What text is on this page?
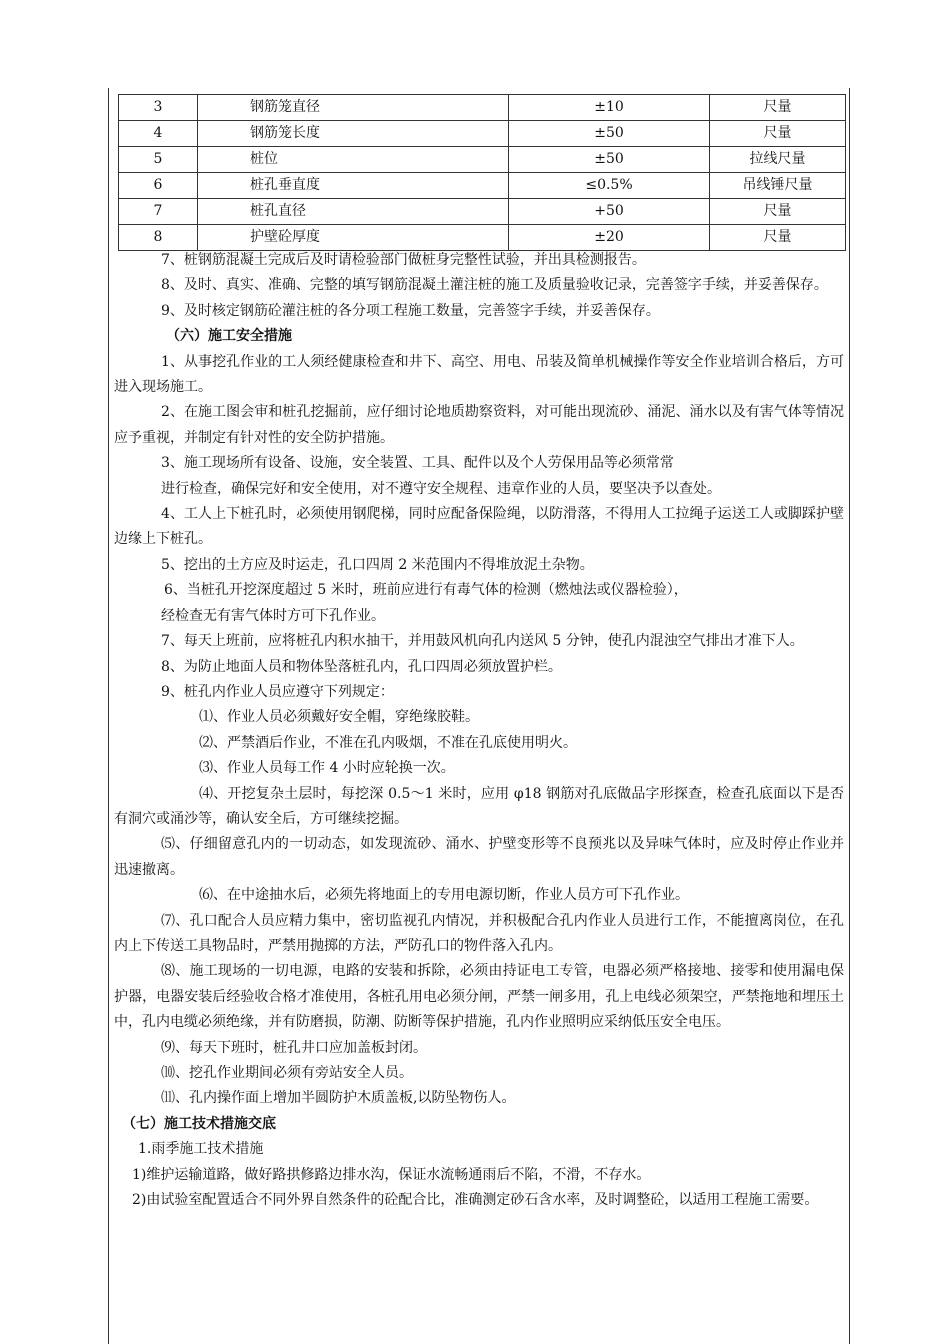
3	钢筋笼直径	±10	尺量
4	钢筋笼长度	±50	尺量
5	桩位	±50	拉线尺量
6	桩孔垂直度	≤0.5%	吊线锤尺量
7	桩孔直径	+50	尺量
8	护壁砼厚度	±20	尺量

7、桩钢筋混凝土完成后及时请检验部门做桩身完整性试验，并出具检测报告。

8、及时、真实、准确、完整的填写钢筋混凝土灌注桩的施工及质量验收记录，完善签字手续，并妥善保存。

9、及时核定钢筋砼灌注桩的各分项工程施工数量，完善签字手续，并妥善保存。

（六）施工安全措施

1、从事挖孔作业的工人须经健康检查和井下、高空、用电、吊装及简单机械操作等安全作业培训合格后，方可进入现场施工。

2、在施工图会审和桩孔挖掘前，应仔细讨论地质勘察资料，对可能出现流砂、涌泥、涌水以及有害气体等情况应予重视，并制定有针对性的安全防护措施。

3、施工现场所有设备、设施，安全装置、工具、配件以及个人劳保用品等必须常常

进行检查，确保完好和安全使用，对不遵守安全规程、违章作业的人员，要坚决予以查处。

4、工人上下桩孔时，必须使用钢爬梯，同时应配备保险绳，以防滑落，不得用人工拉绳子运送工人或脚踩护壁边缘上下桩孔。

5、挖出的土方应及时运走，孔口四周 2 米范围内不得堆放泥土杂物。

6、当桩孔开挖深度超过 5 米时，班前应进行有毒气体的检测（燃烛法或仪器检验），

经检查无有害气体时方可下孔作业。

7、每天上班前，应将桩孔内积水抽干，并用鼓风机向孔内送风 5 分钟，使孔内混浊空气排出才准下人。

8、为防止地面人员和物体坠落桩孔内，孔口四周必须放置护栏。

9、桩孔内作业人员应遵守下列规定：

⑴、作业人员必须戴好安全帽，穿绝缘胶鞋。

⑵、严禁酒后作业，不准在孔内吸烟，不准在孔底使用明火。

⑶、作业人员每工作 4 小时应轮换一次。

⑷、开挖复杂土层时，每挖深 0.5～1 米时，应用 φ18 钢筋对孔底做品字形探查，检查孔底面以下是否有洞穴或涌沙等，确认安全后，方可继续挖掘。

⑸、仔细留意孔内的一切动态，如发现流砂、涌水、护壁变形等不良预兆以及异味气体时，应及时停止作业并迅速撤离。

⑹、在中途抽水后，必须先将地面上的专用电源切断，作业人员方可下孔作业。

⑺、孔口配合人员应精力集中，密切监视孔内情况，并积极配合孔内作业人员进行工作，不能擅离岗位，在孔内上下传送工具物品时，严禁用抛掷的方法，严防孔口的物件落入孔内。

⑻、施工现场的一切电源，电路的安装和拆除，必须由持证电工专管，电器必须严格接地、接零和使用漏电保护器，电器安装后经验收合格才准使用，各桩孔用电必须分闸，严禁一闸多用，孔上电线必须架空，严禁拖地和埋压土中，孔内电缆必须绝缘，并有防磨损，防潮、防断等保护措施，孔内作业照明应采纳低压安全电压。

⑼、每天下班时，桩孔井口应加盖板封闭。

⑽、挖孔作业期间必须有旁站安全人员。

⑾、孔内操作面上增加半圆防护木质盖板,以防坠物伤人。

（七）施工技术措施交底

1.雨季施工技术措施

1)维护运输道路，做好路拱修路边排水沟，保证水流畅通雨后不陷，不滑，不存水。

2)由试验室配置适合不同外界自然条件的砼配合比，准确测定砂石含水率，及时调整砼，以适用工程施工需要。
